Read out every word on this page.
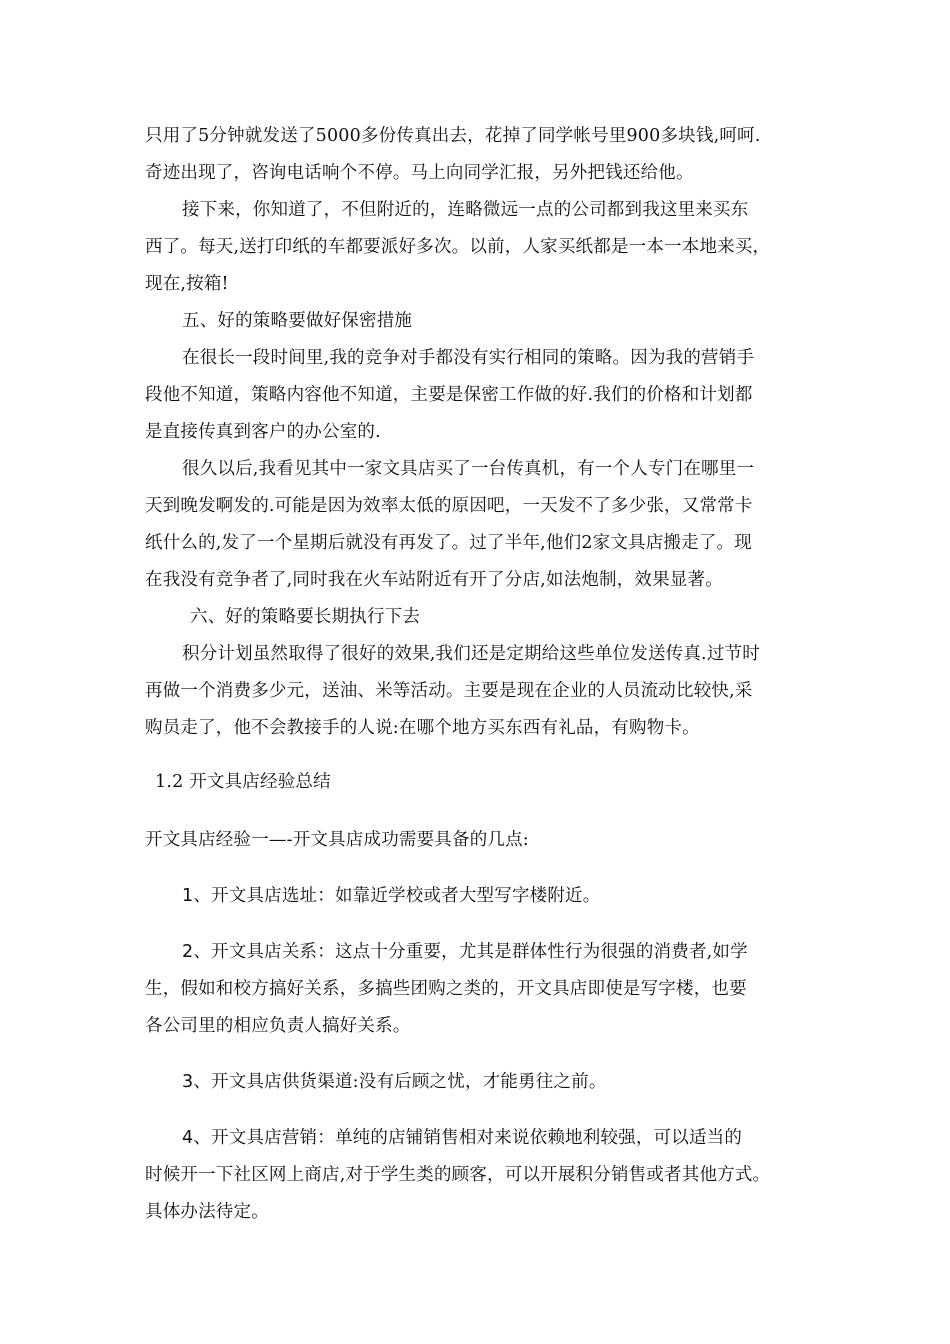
只用了5分钟就发送了5000多份传真出去，花掉了同学帐号里900多块钱,呵呵.
奇迹出现了，咨询电话响个不停。马上向同学汇报，另外把钱还给他。
接下来，你知道了，不但附近的，连略微远一点的公司都到我这里来买东
西了。每天,送打印纸的车都要派好多次。以前，人家买纸都是一本一本地来买，
现在,按箱!
五、好的策略要做好保密措施
在很长一段时间里,我的竞争对手都没有实行相同的策略。因为我的营销手
段他不知道，策略内容他不知道，主要是保密工作做的好.我们的价格和计划都
是直接传真到客户的办公室的.
很久以后,我看见其中一家文具店买了一台传真机，有一个人专门在哪里一
天到晚发啊发的.可能是因为效率太低的原因吧，一天发不了多少张，又常常卡
纸什么的,发了一个星期后就没有再发了。过了半年,他们2家文具店搬走了。现
在我没有竞争者了,同时我在火车站附近有开了分店,如法炮制，效果显著。
六、好的策略要长期执行下去
积分计划虽然取得了很好的效果,我们还是定期给这些单位发送传真.过节时
再做一个消费多少元，送油、米等活动。主要是现在企业的人员流动比较快,采
购员走了，他不会教接手的人说:在哪个地方买东西有礼品，有购物卡。
1.2 开文具店经验总结
开文具店经验一—-开文具店成功需要具备的几点:
1、开文具店选址：如靠近学校或者大型写字楼附近。
2、开文具店关系：这点十分重要，尤其是群体性行为很强的消费者,如学
生，假如和校方搞好关系，多搞些团购之类的，开文具店即使是写字楼，也要
各公司里的相应负责人搞好关系。
3、开文具店供货渠道:没有后顾之忧，才能勇往之前。
4、开文具店营销：单纯的店铺销售相对来说依赖地利较强，可以适当的
时候开一下社区网上商店,对于学生类的顾客，可以开展积分销售或者其他方式。
具体办法待定。
